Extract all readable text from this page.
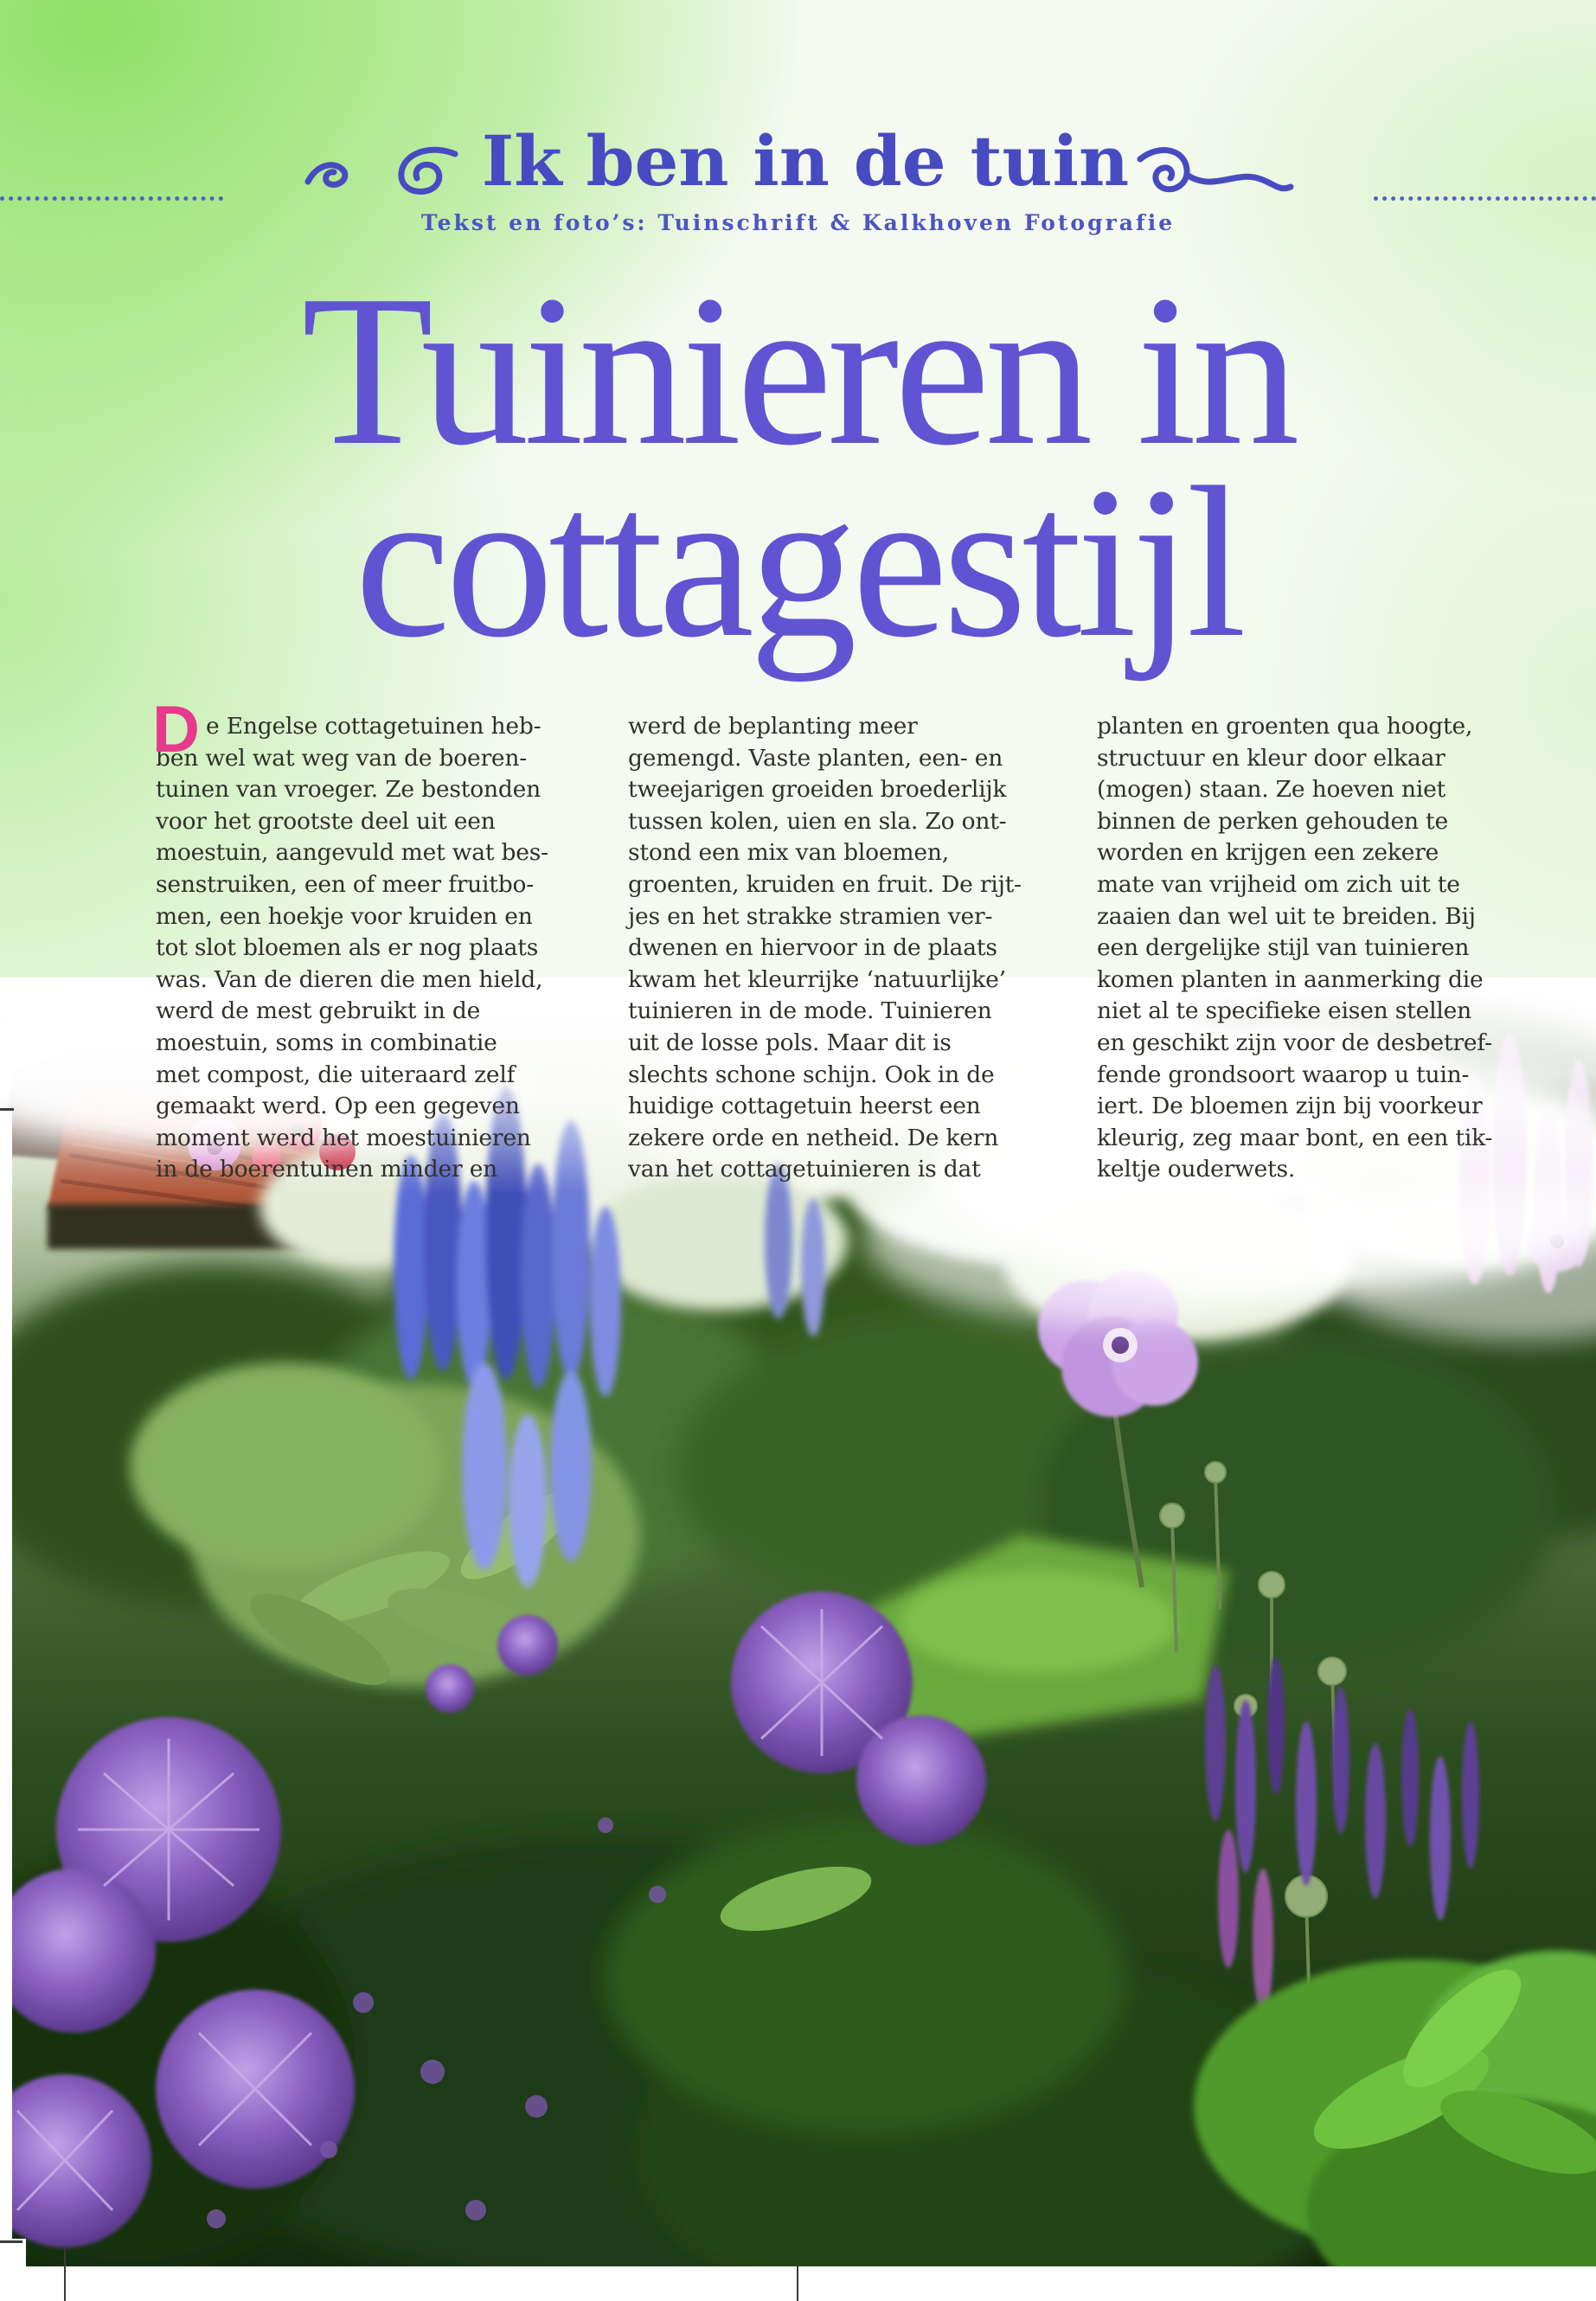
Ik ben in de tuin
Tekst en foto’s: Tuinschrift & Kalkhoven Fotografie
Tuinieren in
cottagestijl
D e Engelse cottagetuinen heb-
ben wel wat weg van de boeren-
tuinen van vroeger. Ze bestonden
voor het grootste deel uit een
moestuin, aangevuld met wat bes-
senstruiken, een of meer fruitbo-
men, een hoekje voor kruiden en
tot slot bloemen als er nog plaats
was. Van de dieren die men hield,
werd de mest gebruikt in de
moestuin, soms in combinatie
met compost, die uiteraard zelf
gemaakt werd. Op een gegeven
moment werd het moestuinieren
in de boerentuinen minder en
werd de beplanting meer
gemengd. Vaste planten, een- en
tweejarigen groeiden broederlijk
tussen kolen, uien en sla. Zo ont-
stond een mix van bloemen,
groenten, kruiden en fruit. De rijt-
jes en het strakke stramien ver-
dwenen en hiervoor in de plaats
kwam het kleurrijke ‘natuurlijke’
tuinieren in de mode. Tuinieren
uit de losse pols. Maar dit is
slechts schone schijn. Ook in de
huidige cottagetuin heerst een
zekere orde en netheid. De kern
van het cottagetuinieren is dat
planten en groenten qua hoogte,
structuur en kleur door elkaar
(mogen) staan. Ze hoeven niet
binnen de perken gehouden te
worden en krijgen een zekere
mate van vrijheid om zich uit te
zaaien dan wel uit te breiden. Bij
een dergelijke stijl van tuinieren
komen planten in aanmerking die
niet al te specifieke eisen stellen
en geschikt zijn voor de desbetref-
fende grondsoort waarop u tuin-
iert. De bloemen zijn bij voorkeur
kleurig, zeg maar bont, en een tik-
keltje ouderwets.
